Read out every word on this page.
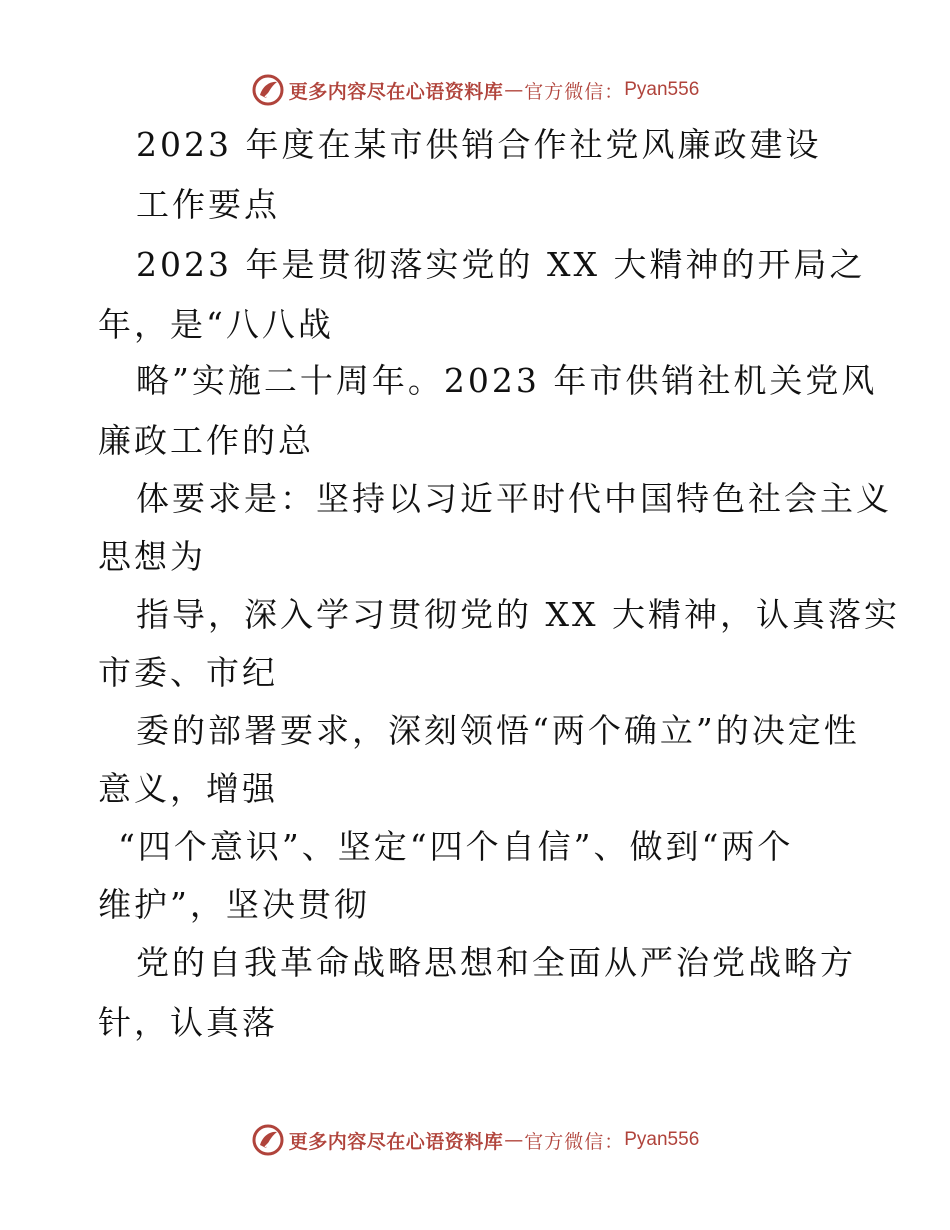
更多内容尽在心语资料库 — 官方微信： Pyan556
2023 年度在某市供销合作社党风廉政建设
工作要点
2023 年是贯彻落实党的 XX 大精神的开局之
年，是“八八战
略”实施二十周年。2023 年市供销社机关党风
廉政工作的总
体要求是：坚持以习近平时代中国特色社会主义
思想为
指导，深入学习贯彻党的 XX 大精神，认真落实
市委、市纪
委的部署要求，深刻领悟“两个确立”的决定性
意义，增强
“四个意识”、坚定“四个自信”、做到“两个
维护”，坚决贯彻
党的自我革命战略思想和全面从严治党战略方
针，认真落
更多内容尽在心语资料库 — 官方微信： Pyan556
